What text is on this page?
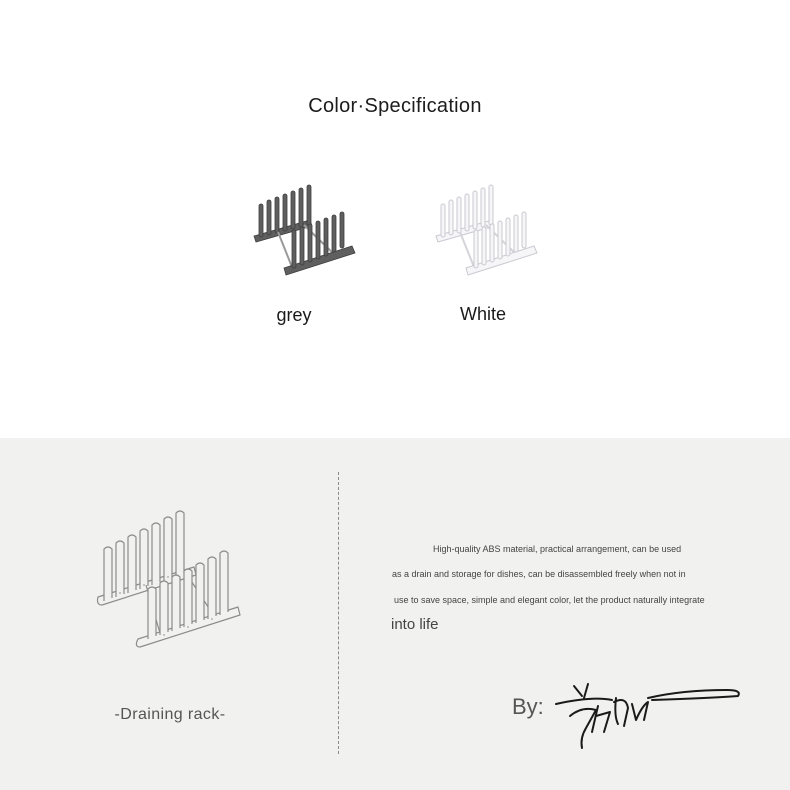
Color·Specification
grey	White
-Draining rack-
High-quality ABS material, practical arrangement, can be used
as a drain and storage for dishes, can be disassembled freely when not in
use to save space, simple and elegant color, let the product naturally integrate
into life
By:
